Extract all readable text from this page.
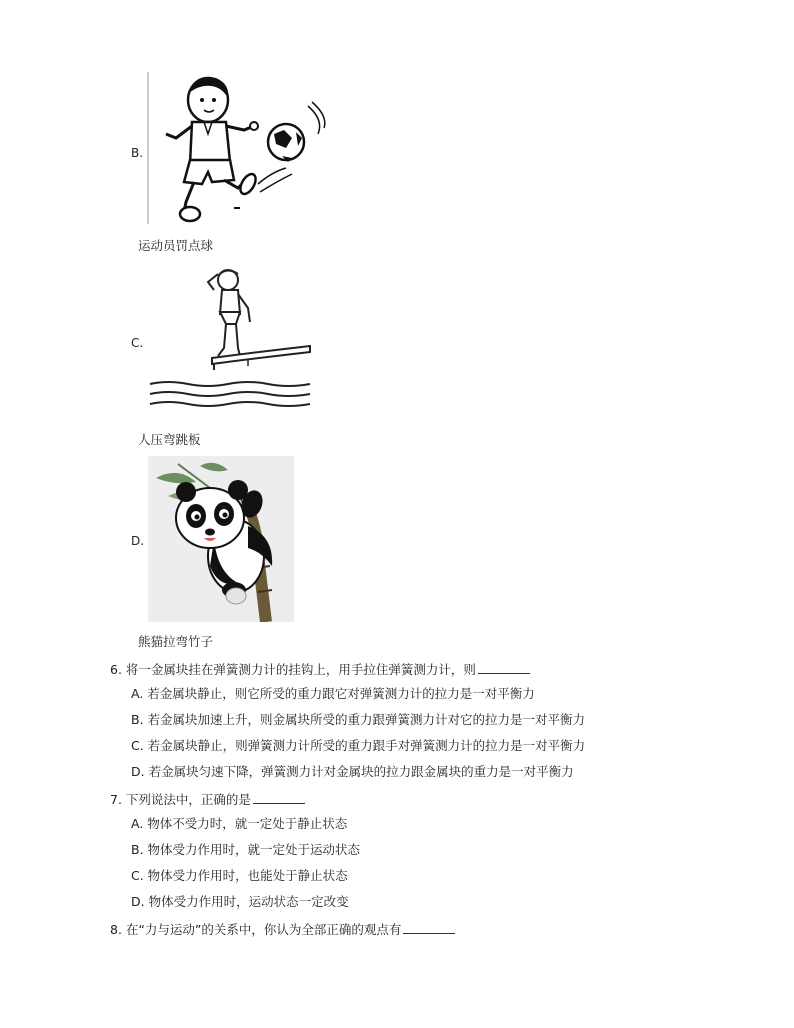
B.
运动员罚点球
C.
人压弯跳板
D.
熊猫拉弯竹子
6. 将一金属块挂在弹簧测力计的挂钩上，用手拉住弹簧测力计，则
A. 若金属块静止，则它所受的重力跟它对弹簧测力计的拉力是一对平衡力
B. 若金属块加速上升，则金属块所受的重力跟弹簧测力计对它的拉力是一对平衡力
C. 若金属块静止，则弹簧测力计所受的重力跟手对弹簧测力计的拉力是一对平衡力
D. 若金属块匀速下降，弹簧测力计对金属块的拉力跟金属块的重力是一对平衡力
7. 下列说法中，正确的是
A. 物体不受力时，就一定处于静止状态
B. 物体受力作用时，就一定处于运动状态
C. 物体受力作用时，也能处于静止状态
D. 物体受力作用时，运动状态一定改变
8. 在“力与运动”的关系中，你认为全部正确的观点有
